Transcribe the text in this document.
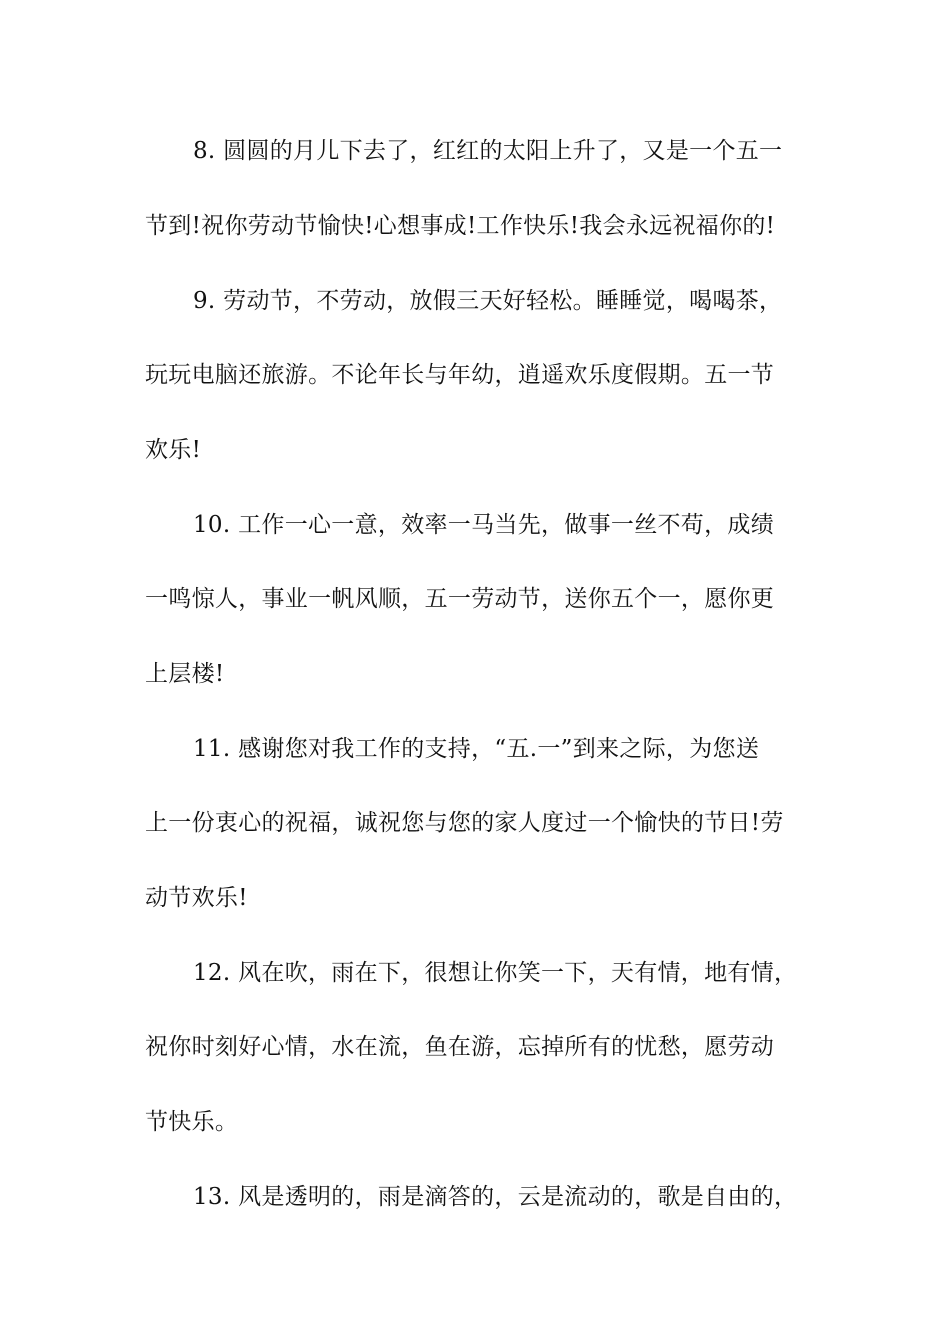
8. 圆圆的月儿下去了，红红的太阳上升了，又是一个五一
节到!祝你劳动节愉快!心想事成!工作快乐!我会永远祝福你的!
9. 劳动节，不劳动，放假三天好轻松。睡睡觉，喝喝茶，
玩玩电脑还旅游。不论年长与年幼，逍遥欢乐度假期。五一节
欢乐!
10. 工作一心一意，效率一马当先，做事一丝不苟，成绩
一鸣惊人，事业一帆风顺，五一劳动节，送你五个一，愿你更
上层楼!
11. 感谢您对我工作的支持，“五.一”到来之际，为您送
上一份衷心的祝福，诚祝您与您的家人度过一个愉快的节日!劳
动节欢乐!
12. 风在吹，雨在下，很想让你笑一下，天有情，地有情，
祝你时刻好心情，水在流，鱼在游，忘掉所有的忧愁，愿劳动
节快乐。
13. 风是透明的，雨是滴答的，云是流动的，歌是自由的，
